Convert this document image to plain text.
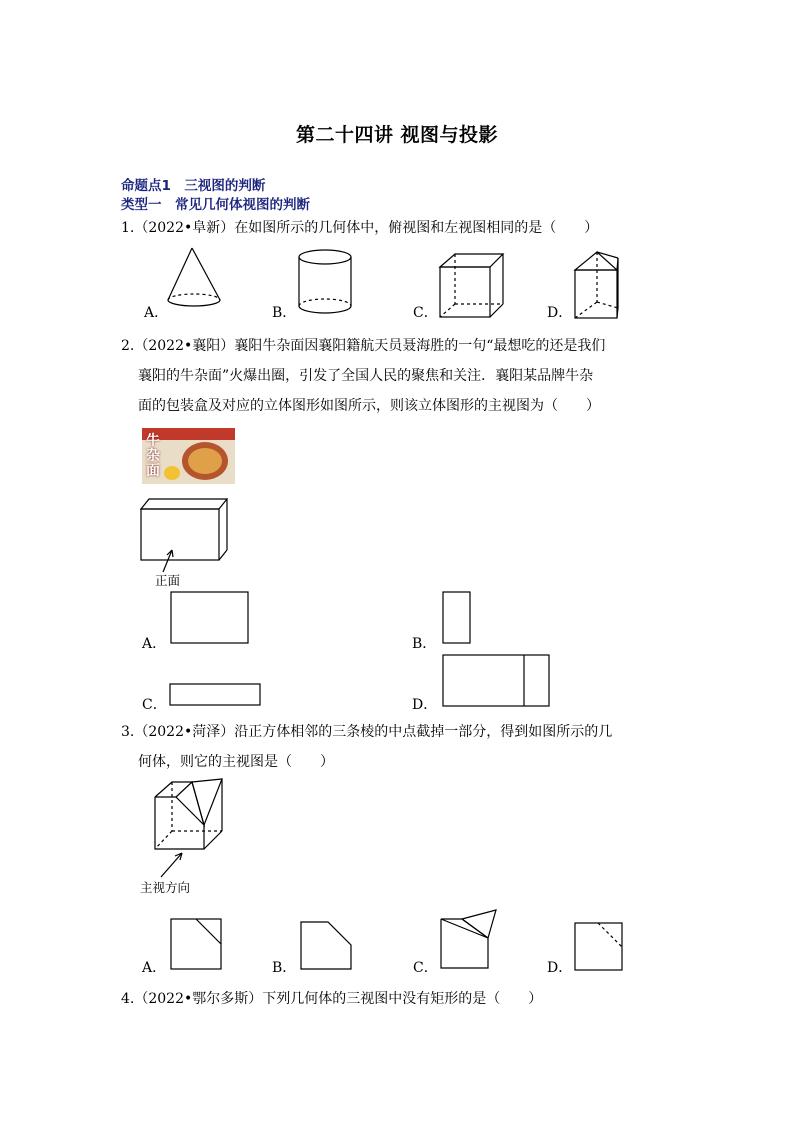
第二十四讲 视图与投影
命题点1　三视图的判断
类型一　常见几何体视图的判断
1.（2022•阜新）在如图所示的几何体中，俯视图和左视图相同的是（　　）
A．	B．	C．	D．
2.（2022•襄阳）襄阳牛杂面因襄阳籍航天员聂海胜的一句“最想吃的还是我们
襄阳的牛杂面”火爆出圈，引发了全国人民的聚焦和关注．襄阳某品牌牛杂
面的包装盒及对应的立体图形如图所示，则该立体图形的主视图为（　　）
牛杂面
正面
A．	B．
C．	D．
3.（2022•菏泽）沿正方体相邻的三条棱的中点截掉一部分，得到如图所示的几
何体，则它的主视图是（　　）
主视方向
A．	B．	C．	D．
4.（2022•鄂尔多斯）下列几何体的三视图中没有矩形的是（　　）
